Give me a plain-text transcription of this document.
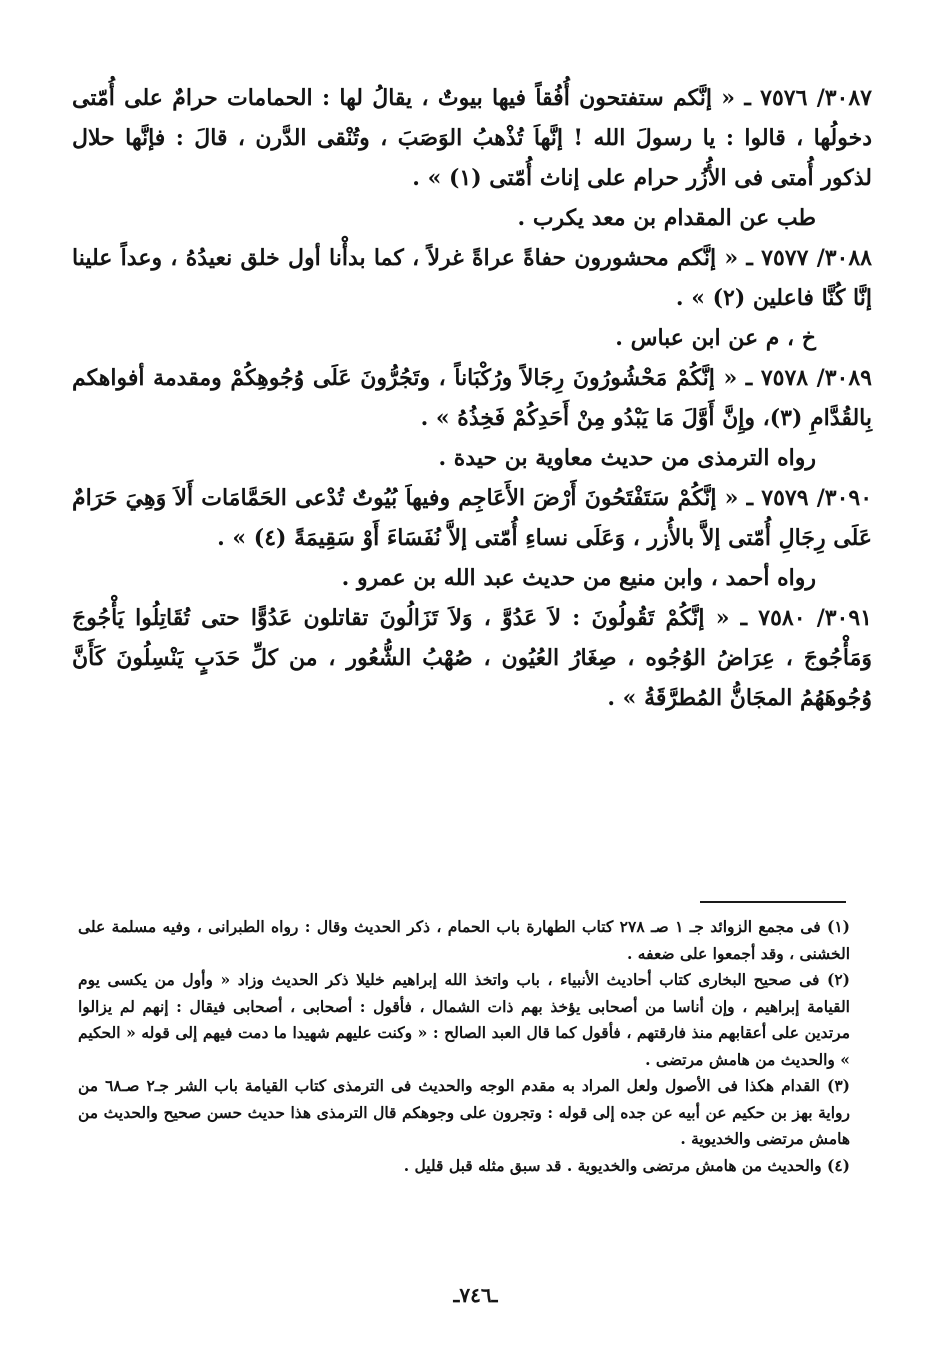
٣٠٨٧/ ٧٥٧٦ ـ « إنَّكم ستفتحون أُفُقاً فيها بيوتٌ ، يقالُ لها : الحمامات حرامٌ على أُمّتى دخولُها ، قالوا : يا رسولَ الله ! إنَّهاَ تُذْهبُ الوَصَبَ ، وتُنْقى الدَّرن ، قالَ : فإنَّها حلال لذكور أُمتى فى الأُزُر حرام على إناث أُمّتى (١) » .

طب عن المقدام بن معد يكرب .

٣٠٨٨/ ٧٥٧٧ ـ « إنَّكم محشورون حفاةً عراةً غرلاً ، كما بدأْنا أول خلق نعيدُهُ ، وعداً علينا إنَّا كُنَّا فاعلين (٢) » .

خ ، م عن ابن عباس .

٣٠٨٩/ ٧٥٧٨ ـ « إنَّكُمْ مَحْشُورُونَ رِجَالاً ورُكْبَاناً ، وتَجُرُّونَ عَلَى وُجُوهِكُمْ ومقدمة أفواهكم بِالقُدَّامِ (٣)، وإِنَّ أَوَّلَ مَا يَبْدُو مِنْ أَحَدِكُمْ فَخِذُهُ » .

رواه الترمذى من حديث معاوية بن حيدة .

٣٠٩٠/ ٧٥٧٩ ـ « إنَّكُمْ سَتَفْتَحُونَ أَرْضَ الأَعَاجِم وفيهاَ بُيُوتٌ تُدْعى الحَمَّامَات أَلاَ وَهِيَ حَرَامٌ عَلَى رِجَالِ أُمّتى إلاَّ بالأُزر ، وَعَلَى نساءِ أُمّتى إلاَّ نُفَسَاءَ أَوْ سَقِيمَةً (٤) » .

رواه أحمد ، وابن منيع من حديث عبد الله بن عمرو .

٣٠٩١/ ٧٥٨٠ ـ « إنَّكُمْ تَقُولُونَ : لاَ عَدُوَّ ، وَلاَ تَزَالُونَ تقاتلون عَدُوًّا حتى تُقَاتِلُوا يَأْجُوجَ وَمَأْجُوجَ ، عِرَاضُ الوُجُوه ، صِغَارُ العُيُون ، صُهْبُ الشُّعُور ، من كلِّ حَدَبٍ يَنْسِلُونَ كَأَنَّ وُجُوهَهُمُ المجَانُّ المُطرَّقَةُ » .

(١) فى مجمع الزوائد جـ ١ صـ ٢٧٨ كتاب الطهارة باب الحمام ، ذكر الحديث وقال : رواه الطبرانى ، وفيه مسلمة على الخشنى ، وقد أجمعوا على ضعفه .

(٢) فى صحيح البخارى كتاب أحاديث الأنبياء ، باب واتخذ الله إبراهيم خليلا ذكر الحديث وزاد « وأول من يكسى يوم القيامة إبراهيم ، وإن أناسا من أصحابى يؤخذ بهم ذات الشمال ، فأقول : أصحابى ، أصحابى فيقال : إنهم لم يزالوا مرتدين على أعقابهم منذ فارقتهم ، فأقول كما قال العبد الصالح : « وكنت عليهم شهيدا ما دمت فيهم إلى قوله « الحكيم » والحديث من هامش مرتضى .

(٣) القدام هكذا فى الأصول ولعل المراد به مقدم الوجه والحديث فى الترمذى كتاب القيامة باب الشر جـ٢ صـ٦٨ من رواية بهز بن حكيم عن أبيه عن جده إلى قوله : وتجرون على وجوهكم قال الترمذى هذا حديث حسن صحيح والحديث من هامش مرتضى والخديوية .

(٤) والحديث من هامش مرتضى والخديوية . قد سبق مثله قبل قليل .

ـ٧٤٦ـ
